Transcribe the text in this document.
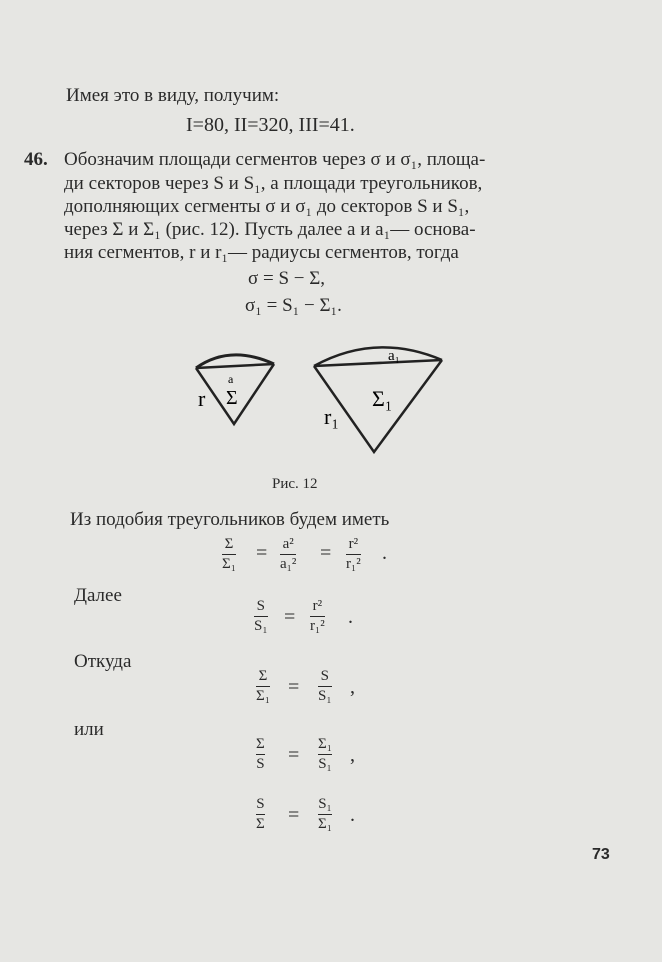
Имея это в виду, получим:
I=80, II=320, III=41.
46. Обозначим площади сегментов через σ и σ₁, площа-
ди секторов через S и S₁, а площади треугольников,
дополняющих сегменты σ и σ₁ до секторов S и S₁,
через Σ и Σ₁ (рис. 12). Пусть далее a и a₁— основа-
ния сегментов, r и r₁— радиусы сегментов, тогда
σ = S − Σ,
σ₁ = S₁ − Σ₁.
a
r Σ
a₁
r₁
Σ₁
Рис. 12
Из подобия треугольников будем иметь
Σ
Σ₁ = a²
a₁² = r²
r₁² .
Далее	S
S₁ = r²
r₁² .
Откуда
Σ
Σ₁ = S
S₁ ,
или
Σ
S = Σ₁
S₁ ,
S
Σ = S₁
Σ₁ .
73
